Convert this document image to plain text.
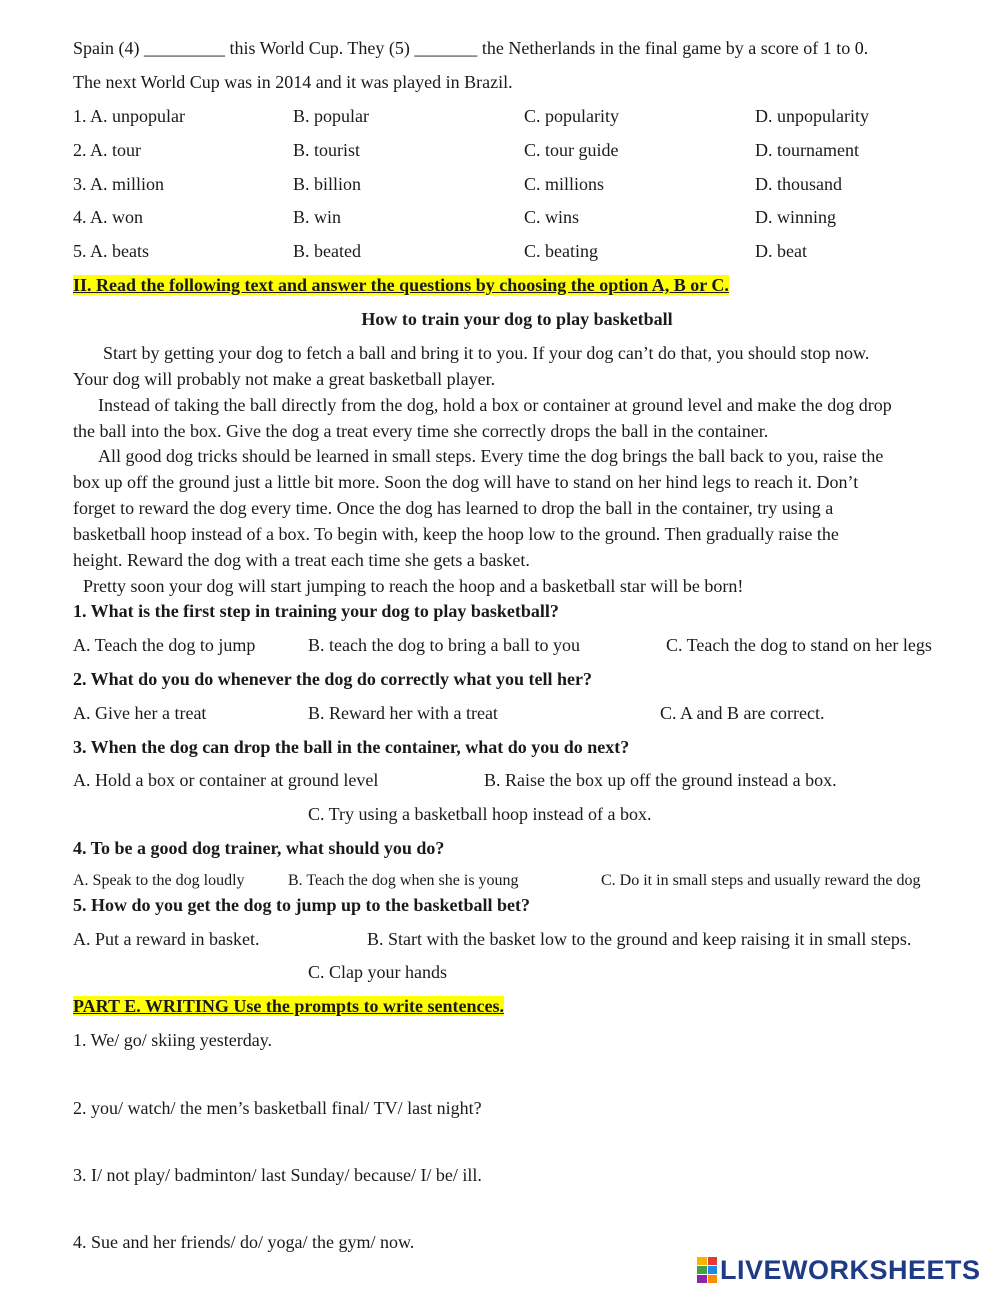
Spain (4) _________ this World Cup. They (5) _______ the Netherlands in the final game by a score of 1 to 0.
The next World Cup was in 2014 and it was played in Brazil.
1. A. unpopular	B. popular	C. popularity	D. unpopularity
2. A. tour	B. tourist	C. tour guide	D. tournament
3. A. million	B. billion	C. millions	D. thousand
4. A. won	B. win	C. wins	D. winning
5. A. beats	B. beated	C. beating	D. beat
II. Read the following text and answer the questions by choosing the option A, B or C.
How to train your dog to play basketball
Start by getting your dog to fetch a ball and bring it to you. If your dog can’t do that, you should stop now.
Your dog will probably not make a great basketball player.
Instead of taking the ball directly from the dog, hold a box or container at ground level and make the dog drop
the ball into the box. Give the dog a treat every time she correctly drops the ball in the container.
All good dog tricks should be learned in small steps. Every time the dog brings the ball back to you, raise the
box up off the ground just a little bit more. Soon the dog will have to stand on her hind legs to reach it. Don’t
forget to reward the dog every time. Once the dog has learned to drop the ball in the container, try using a
basketball hoop instead of a box. To begin with, keep the hoop low to the ground. Then gradually raise the
height. Reward the dog with a treat each time she gets a basket.
Pretty soon your dog will start jumping to reach the hoop and a basketball star will be born!
1. What is the first step in training your dog to play basketball?
A. Teach the dog to jump	B. teach the dog to bring a ball to you	C. Teach the dog to stand on her legs
2. What do you do whenever the dog do correctly what you tell her?
A. Give her a treat	B. Reward her with a treat	C. A and B are correct.
3. When the dog can drop the ball in the container, what do you do next?
A. Hold a box or container at ground level	B. Raise the box up off the ground instead a box.
C. Try using a basketball hoop instead of a box.
4. To be a good dog trainer, what should you do?
A. Speak to the dog loudly	B. Teach the dog when she is young	C. Do it in small steps and usually reward the dog
5. How do you get the dog to jump up to the basketball bet?
A. Put a reward in basket.	B. Start with the basket low to the ground and keep raising it in small steps.
C. Clap your hands
PART E. WRITING Use the prompts to write sentences.
1. We/ go/ skiing yesterday.
2. you/ watch/ the men’s basketball final/ TV/ last night?
3. I/ not play/ badminton/ last Sunday/ because/ I/ be/ ill.
4. Sue and her friends/ do/ yoga/ the gym/ now.
LIVEWORKSHEETS
